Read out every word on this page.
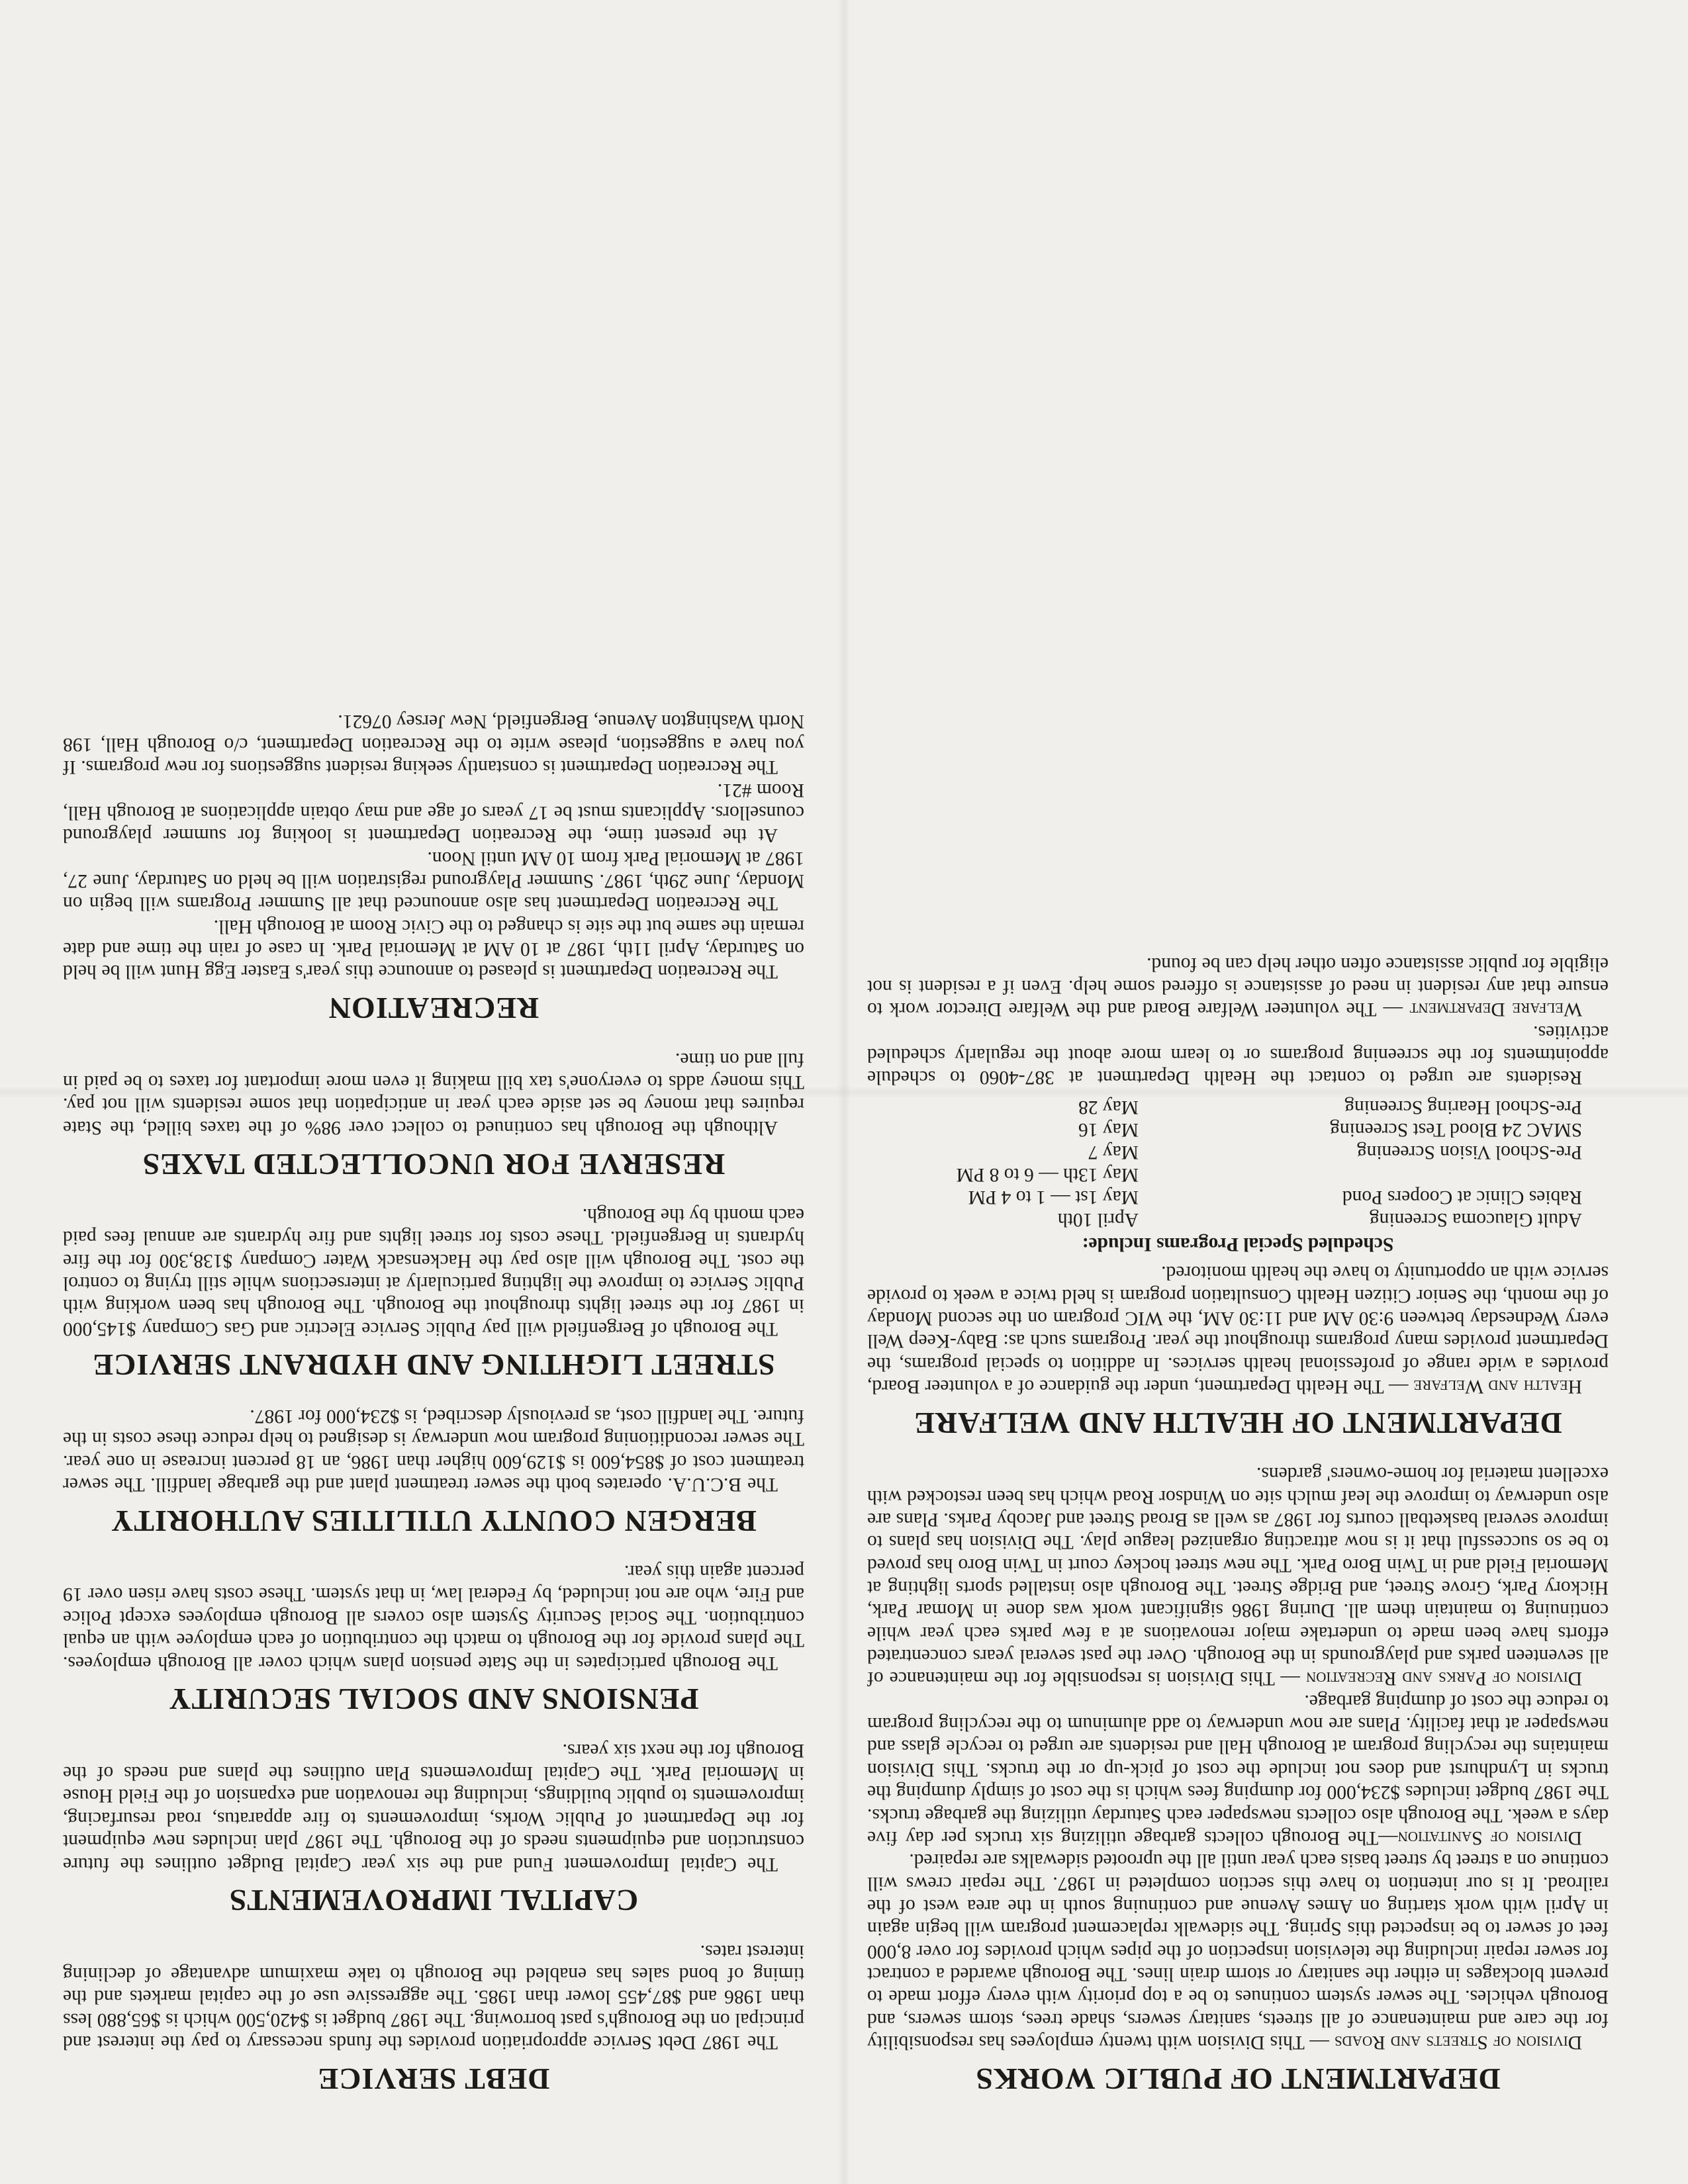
DEPARTMENT OF PUBLIC WORKS

Division of Streets and Roads — This Division with twenty employees has responsibility for the care and maintenance of all streets, sanitary sewers, shade trees, storm sewers, and Borough vehicles. The sewer system continues to be a top priority with every effort made to prevent blockages in either the sanitary or storm drain lines. The Borough awarded a contract for sewer repair including the television inspection of the pipes which provides for over 8,000 feet of sewer to be inspected this Spring. The sidewalk replacement program will begin again in April with work starting on Ames Avenue and continuing south in the area west of the railroad. It is our intention to have this section completed in 1987. The repair crews will continue on a street by street basis each year until all the uprooted sidewalks are repaired.

Division of Sanitation—The Borough collects garbage utilizing six trucks per day five days a week. The Borough also collects newspaper each Saturday utilizing the garbage trucks. The 1987 budget includes $234,000 for dumping fees which is the cost of simply dumping the trucks in Lyndhurst and does not include the cost of pick-up or the trucks. This Division maintains the recycling program at Borough Hall and residents are urged to recycle glass and newspaper at that facility. Plans are now underway to add aluminum to the recycling program to reduce the cost of dumping garbage.

Division of Parks and Recreation — This Division is responsible for the maintenance of all seventeen parks and playgrounds in the Borough. Over the past several years concentrated efforts have been made to undertake major renovations at a few parks each year while continuing to maintain them all. During 1986 significant work was done in Momar Park, Hickory Park, Grove Street, and Bridge Street. The Borough also installed sports lighting at Memorial Field and in Twin Boro Park. The new street hockey court in Twin Boro has proved to be so successful that it is now attracting organized league play. The Division has plans to improve several basketball courts for 1987 as well as Broad Street and Jacoby Parks. Plans are also underway to improve the leaf mulch site on Windsor Road which has been restocked with excellent material for home-owners' gardens.

DEPARTMENT OF HEALTH AND WELFARE

Health and Welfare — The Health Department, under the guidance of a volunteer Board, provides a wide range of professional health services. In addition to special programs, the Department provides many programs throughout the year. Programs such as: Baby-Keep Well every Wednesday between 9:30 AM and 11:30 AM, the WIC program on the second Monday of the month, the Senior Citizen Health Consultation program is held twice a week to provide service with an opportunity to have the health monitored.

Scheduled Special Programs Include:
Adult Glaucoma Screening	April 10th
Rabies Clinic at Coopers Pond	May 1st — 1 to 4 PM
	May 13th — 6 to 8 PM
Pre-School Vision Screening	May 7
SMAC 24 Blood Test Screening	May 16
Pre-School Hearing Screening	May 28

Residents are urged to contact the Health Department at 387-4060 to schedule appointments for the screening programs or to learn more about the regularly scheduled activities.

Welfare Department — The volunteer Welfare Board and the Welfare Director work to ensure that any resident in need of assistance is offered some help. Even if a resident is not eligible for public assistance often other help can be found.

DEBT SERVICE

The 1987 Debt Service appropriation provides the funds necessary to pay the interest and principal on the Borough's past borrowing. The 1987 budget is $420,500 which is $65,880 less than 1986 and $87,455 lower than 1985. The aggressive use of the capital markets and the timing of bond sales has enabled the Borough to take maximum advantage of declining interest rates.

CAPITAL IMPROVEMENTS

The Capital Improvement Fund and the six year Capital Budget outlines the future construction and equipments needs of the Borough. The 1987 plan includes new equipment for the Department of Public Works, improvements to fire apparatus, road resurfacing, improvements to public buildings, including the renovation and expansion of the Field House in Memorial Park. The Capital Improvements Plan outlines the plans and needs of the Borough for the next six years.

PENSIONS AND SOCIAL SECURITY

The Borough participates in the State pension plans which cover all Borough employees. The plans provide for the Borough to match the contribution of each employee with an equal contribution. The Social Security System also covers all Borough employees except Police and Fire, who are not included, by Federal law, in that system. These costs have risen over 19 percent again this year.

BERGEN COUNTY UTILITIES AUTHORITY

The B.C.U.A. operates both the sewer treatment plant and the garbage landfill. The sewer treatment cost of $854,600 is $129,600 higher than 1986, an 18 percent increase in one year. The sewer reconditioning program now underway is designed to help reduce these costs in the future. The landfill cost, as previously described, is $234,000 for 1987.

STREET LIGHTING AND HYDRANT SERVICE

The Borough of Bergenfield will pay Public Service Electric and Gas Company $145,000 in 1987 for the street lights throughout the Borough. The Borough has been working with Public Service to improve the lighting particularly at intersections while still trying to control the cost. The Borough will also pay the Hackensack Water Company $138,300 for the fire hydrants in Bergenfield. These costs for street lights and fire hydrants are annual fees paid each month by the Borough.

RESERVE FOR UNCOLLECTED TAXES

Although the Borough has continued to collect over 98% of the taxes billed, the State requires that money be set aside each year in anticipation that some residents will not pay. This money adds to everyone's tax bill making it even more important for taxes to be paid in full and on time.

RECREATION

The Recreation Department is pleased to announce this year's Easter Egg Hunt will be held on Saturday, April 11th, 1987 at 10 AM at Memorial Park. In case of rain the time and date remain the same but the site is changed to the Civic Room at Borough Hall.

The Recreation Department has also announced that all Summer Programs will begin on Monday, June 29th, 1987. Summer Playground registration will be held on Saturday, June 27, 1987 at Memorial Park from 10 AM until Noon.

At the present time, the Recreation Department is looking for summer playground counsellors. Applicants must be 17 years of age and may obtain applications at Borough Hall, Room #21.

The Recreation Department is constantly seeking resident suggestions for new programs. If you have a suggestion, please write to the Recreation Department, c/o Borough Hall, 198 North Washington Avenue, Bergenfield, New Jersey 07621.
